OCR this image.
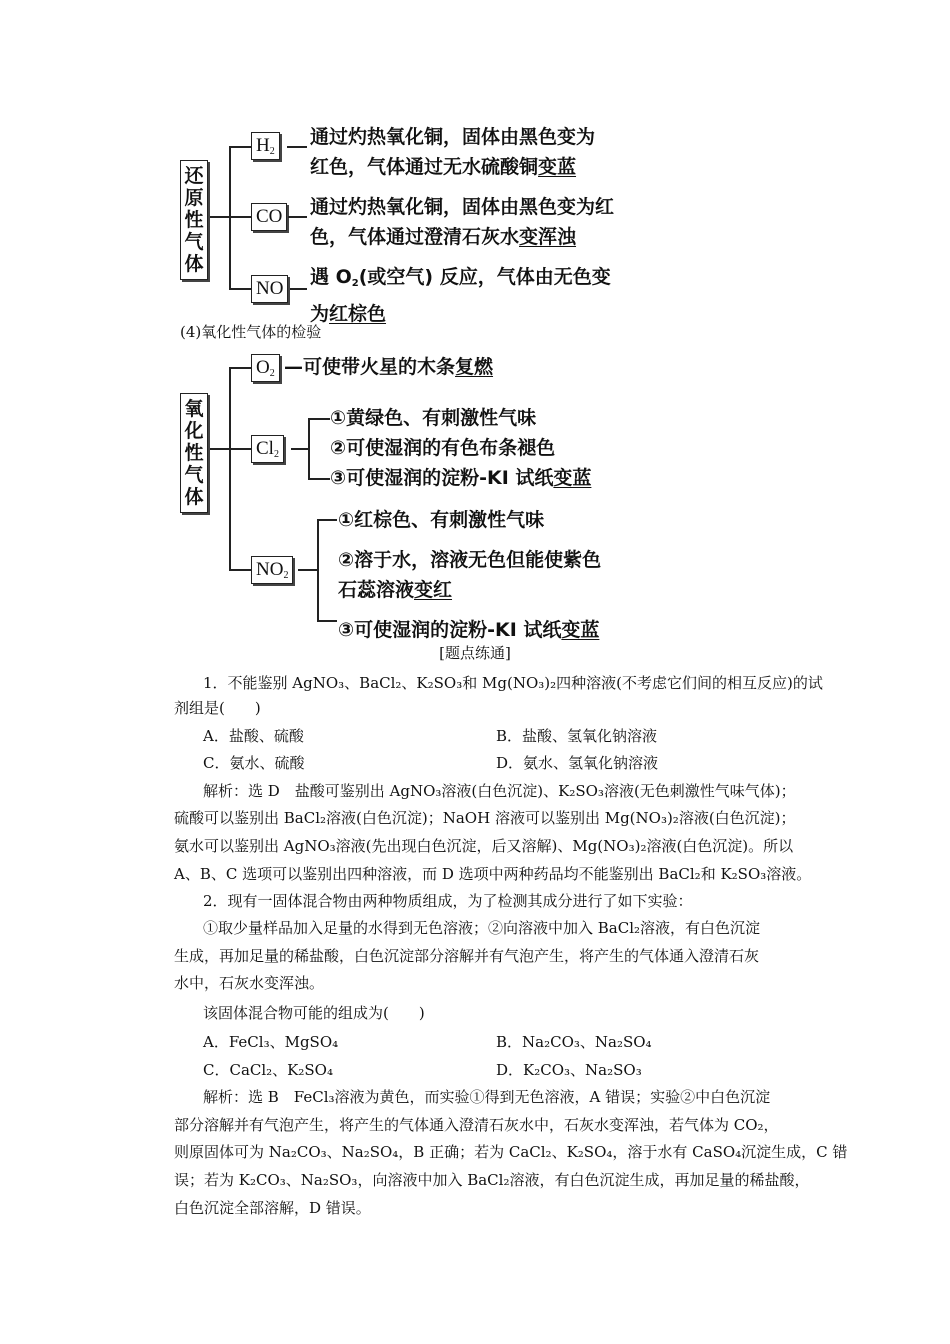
还
原
性
气
体
$H_2$
通过灼热氧化铜，固体由黑色变为
红色，气体通过无水硫酸铜变蓝
CO 通过灼热氧化铜，固体由黑色变为红
色，气体通过澄清石灰水变浑浊
NO
遇 $O_2$(或空气) 反应，气体由无色变
为红棕色
(4)氧化性气体的检验
氧
化
性
气
体
$O_2$ —可使带火星的木条复燃
$Cl_2$
①黄绿色、有刺激性气味
②可使湿润的有色布条褪色
③可使湿润的淀粉-KI 试纸变蓝
$NO_2$
①红棕色、有刺激性气味
②溶于水，溶液无色但能使紫色
石蕊溶液变红
③可使湿润的淀粉-KI 试纸变蓝
[题点练通]
1．不能鉴别 AgNO₃、BaCl₂、K₂SO₃和 Mg(NO₃)₂四种溶液(不考虑它们间的相互反应)的试
剂组是(　　)
A．盐酸、硫酸	B．盐酸、氢氧化钠溶液
C．氨水、硫酸	D．氨水、氢氧化钠溶液
解析：选 D　盐酸可鉴别出 AgNO₃溶液(白色沉淀)、K₂SO₃溶液(无色刺激性气味气体)；
硫酸可以鉴别出 BaCl₂溶液(白色沉淀)；NaOH 溶液可以鉴别出 Mg(NO₃)₂溶液(白色沉淀)；
氨水可以鉴别出 AgNO₃溶液(先出现白色沉淀，后又溶解)、Mg(NO₃)₂溶液(白色沉淀)。所以
A、B、C 选项可以鉴别出四种溶液，而 D 选项中两种药品均不能鉴别出 BaCl₂和 K₂SO₃溶液。
2．现有一固体混合物由两种物质组成，为了检测其成分进行了如下实验：
①取少量样品加入足量的水得到无色溶液；②向溶液中加入 BaCl₂溶液，有白色沉淀
生成，再加足量的稀盐酸，白色沉淀部分溶解并有气泡产生，将产生的气体通入澄清石灰
水中，石灰水变浑浊。
该固体混合物可能的组成为(　　)
A．FeCl₃、MgSO₄	B．Na₂CO₃、Na₂SO₄
C．CaCl₂、K₂SO₄	D．K₂CO₃、Na₂SO₃
解析：选 B　FeCl₃溶液为黄色，而实验①得到无色溶液，A 错误；实验②中白色沉淀
部分溶解并有气泡产生，将产生的气体通入澄清石灰水中，石灰水变浑浊，若气体为 CO₂，
则原固体可为 Na₂CO₃、Na₂SO₄，B 正确；若为 CaCl₂、K₂SO₄，溶于水有 CaSO₄沉淀生成，C 错
误；若为 K₂CO₃、Na₂SO₃，向溶液中加入 BaCl₂溶液，有白色沉淀生成，再加足量的稀盐酸，
白色沉淀全部溶解，D 错误。
